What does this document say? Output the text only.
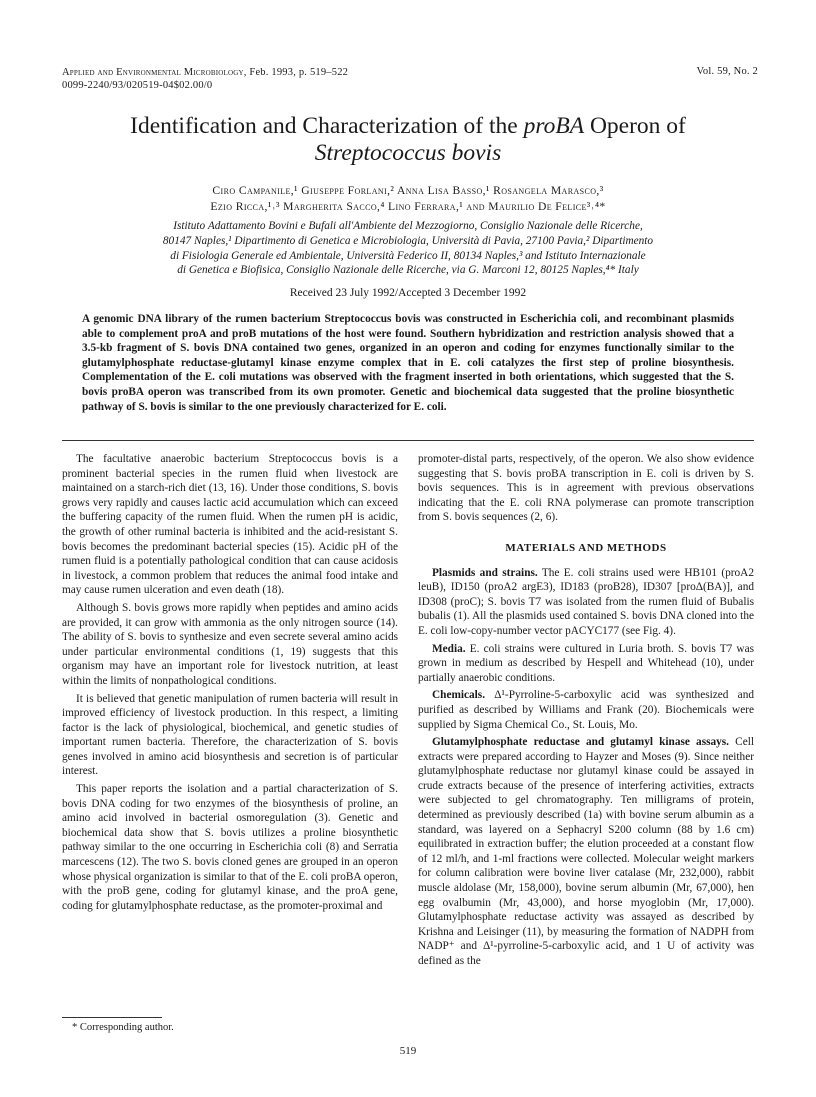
Applied and Environmental Microbiology, Feb. 1993, p. 519–522
0099-2240/93/020519-04$02.00/0
Vol. 59, No. 2
Identification and Characterization of the proBA Operon of
Streptococcus bovis
Ciro Campanile,¹ Giuseppe Forlani,² Anna Lisa Basso,¹ Rosangela Marasco,³
Ezio Ricca,¹˒³ Margherita Sacco,⁴ Lino Ferrara,¹ and Maurilio De Felice³˒⁴*
Istituto Adattamento Bovini e Bufali all'Ambiente del Mezzogiorno, Consiglio Nazionale delle Ricerche,
80147 Naples,¹ Dipartimento di Genetica e Microbiologia, Università di Pavia, 27100 Pavia,² Dipartimento
di Fisiologia Generale ed Ambientale, Università Federico II, 80134 Naples,³ and Istituto Internazionale
di Genetica e Biofisica, Consiglio Nazionale delle Ricerche, via G. Marconi 12, 80125 Naples,⁴* Italy
Received 23 July 1992/Accepted 3 December 1992
A genomic DNA library of the rumen bacterium Streptococcus bovis was constructed in Escherichia coli, and recombinant plasmids able to complement proA and proB mutations of the host were found. Southern hybridization and restriction analysis showed that a 3.5-kb fragment of S. bovis DNA contained two genes, organized in an operon and coding for enzymes functionally similar to the glutamylphosphate reductase-glutamyl kinase enzyme complex that in E. coli catalyzes the first step of proline biosynthesis. Complementation of the E. coli mutations was observed with the fragment inserted in both orientations, which suggested that the S. bovis proBA operon was transcribed from its own promoter. Genetic and biochemical data suggested that the proline biosynthetic pathway of S. bovis is similar to the one previously characterized for E. coli.

The facultative anaerobic bacterium Streptococcus bovis is a prominent bacterial species in the rumen fluid when livestock are maintained on a starch-rich diet (13, 16). Under those conditions, S. bovis grows very rapidly and causes lactic acid accumulation which can exceed the buffering capacity of the rumen fluid. When the rumen pH is acidic, the growth of other ruminal bacteria is inhibited and the acid-resistant S. bovis becomes the predominant bacterial species (15). Acidic pH of the rumen fluid is a potentially pathological condition that can cause acidosis in livestock, a common problem that reduces the animal food intake and may cause rumen ulceration and even death (18).

Although S. bovis grows more rapidly when peptides and amino acids are provided, it can grow with ammonia as the only nitrogen source (14). The ability of S. bovis to synthesize and even secrete several amino acids under particular environmental conditions (1, 19) suggests that this organism may have an important role for livestock nutrition, at least within the limits of nonpathological conditions.

It is believed that genetic manipulation of rumen bacteria will result in improved efficiency of livestock production. In this respect, a limiting factor is the lack of physiological, biochemical, and genetic studies of important rumen bacteria. Therefore, the characterization of S. bovis genes involved in amino acid biosynthesis and secretion is of particular interest.

This paper reports the isolation and a partial characterization of S. bovis DNA coding for two enzymes of the biosynthesis of proline, an amino acid involved in bacterial osmoregulation (3). Genetic and biochemical data show that S. bovis utilizes a proline biosynthetic pathway similar to the one occurring in Escherichia coli (8) and Serratia marcescens (12). The two S. bovis cloned genes are grouped in an operon whose physical organization is similar to that of the E. coli proBA operon, with the proB gene, coding for glutamyl kinase, and the proA gene, coding for glutamylphosphate reductase, as the promoter-proximal and

promoter-distal parts, respectively, of the operon. We also show evidence suggesting that S. bovis proBA transcription in E. coli is driven by S. bovis sequences. This is in agreement with previous observations indicating that the E. coli RNA polymerase can promote transcription from S. bovis sequences (2, 6).

MATERIALS AND METHODS

Plasmids and strains. The E. coli strains used were HB101 (proA2 leuB), ID150 (proA2 argE3), ID183 (proB28), ID307 [proΔ(BA)], and ID308 (proC); S. bovis T7 was isolated from the rumen fluid of Bubalis bubalis (1). All the plasmids used contained S. bovis DNA cloned into the E. coli low-copy-number vector pACYC177 (see Fig. 4).

Media. E. coli strains were cultured in Luria broth. S. bovis T7 was grown in medium as described by Hespell and Whitehead (10), under partially anaerobic conditions.

Chemicals. Δ¹-Pyrroline-5-carboxylic acid was synthesized and purified as described by Williams and Frank (20). Biochemicals were supplied by Sigma Chemical Co., St. Louis, Mo.

Glutamylphosphate reductase and glutamyl kinase assays. Cell extracts were prepared according to Hayzer and Moses (9). Since neither glutamylphosphate reductase nor glutamyl kinase could be assayed in crude extracts because of the presence of interfering activities, extracts were subjected to gel chromatography. Ten milligrams of protein, determined as previously described (1a) with bovine serum albumin as a standard, was layered on a Sephacryl S200 column (88 by 1.6 cm) equilibrated in extraction buffer; the elution proceeded at a constant flow of 12 ml/h, and 1-ml fractions were collected. Molecular weight markers for column calibration were bovine liver catalase (Mr, 232,000), rabbit muscle aldolase (Mr, 158,000), bovine serum albumin (Mr, 67,000), hen egg ovalbumin (Mr, 43,000), and horse myoglobin (Mr, 17,000). Glutamylphosphate reductase activity was assayed as described by Krishna and Leisinger (11), by measuring the formation of NADPH from NADP⁺ and Δ¹-pyrroline-5-carboxylic acid, and 1 U of activity was defined as the

* Corresponding author.
519
